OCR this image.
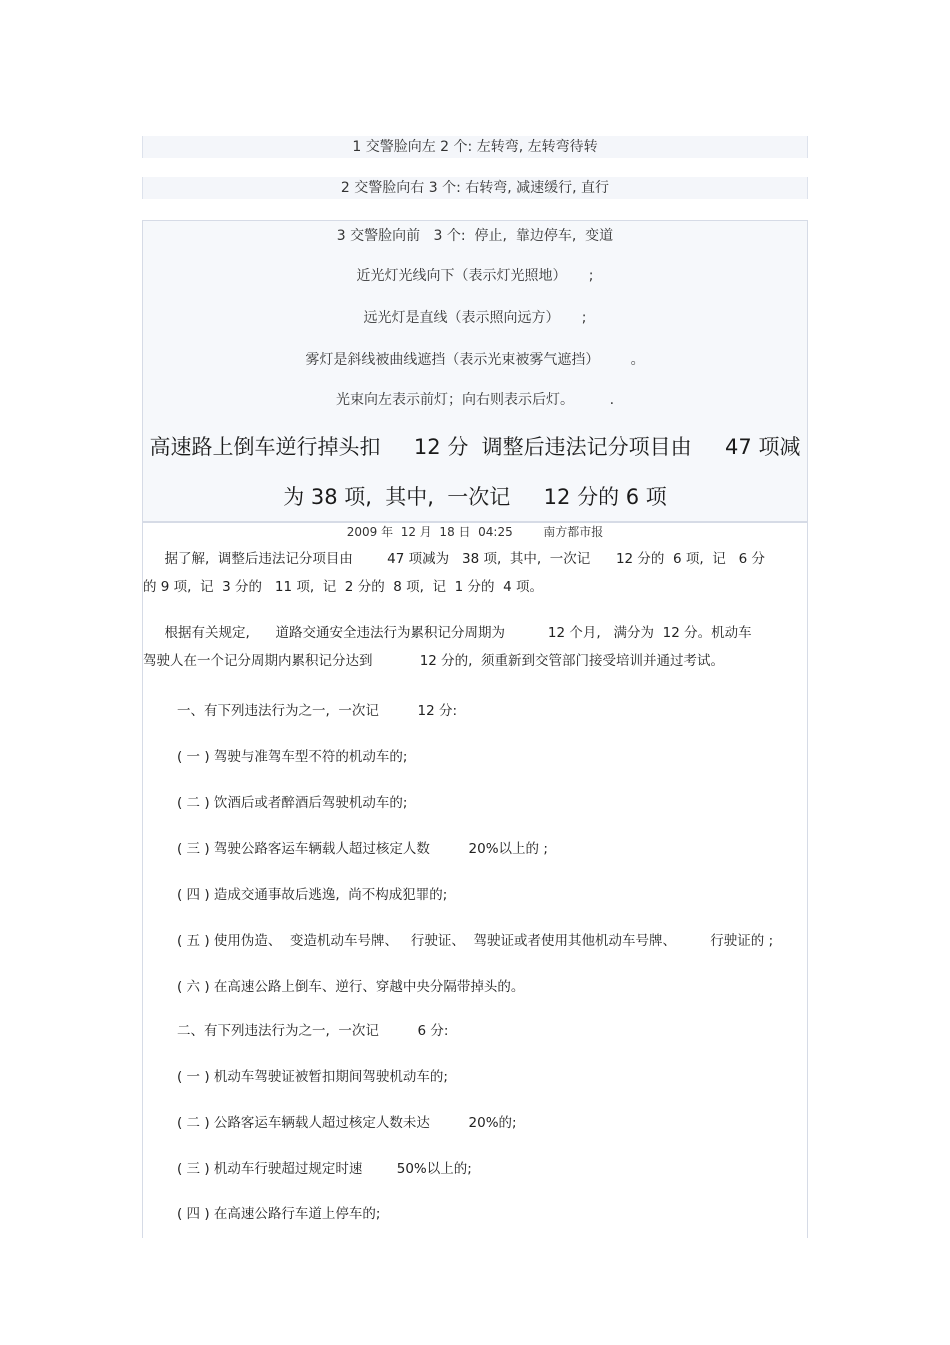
1 交警脸向左 2 个: 左转弯, 左转弯待转
2 交警脸向右 3 个: 右转弯, 减速缓行, 直行
3 交警脸向前   3 个:  停止,  靠边停车,  变道
近光灯光线向下（表示灯光照地）     ;
远光灯是直线（表示照向远方）     ;
雾灯是斜线被曲线遮挡（表示光束被雾气遮挡）       。
光束向左表示前灯；向右则表示后灯。        .
高速路上倒车逆行掉头扣     12 分  调整后违法记分项目由     47 项减
为 38 项,  其中,  一次记     12 分的 6 项
2009 年  12 月  18 日  04:25        南方都市报
据了解,  调整后违法记分项目由        47 项减为   38 项,  其中,  一次记      12 分的  6 项,  记   6 分
的 9 项,  记  3 分的   11 项,  记  2 分的  8 项,  记  1 分的  4 项。
根据有关规定,      道路交通安全违法行为累积记分周期为          12 个月,   满分为  12 分。机动车
驾驶人在一个记分周期内累积记分达到           12 分的,  须重新到交管部门接受培训并通过考试。
一、有下列违法行为之一,  一次记         12 分:
( 一 ) 驾驶与准驾车型不符的机动车的;
( 二 ) 饮酒后或者醉酒后驾驶机动车的;
( 三 ) 驾驶公路客运车辆载人超过核定人数         20%以上的 ;
( 四 ) 造成交通事故后逃逸,  尚不构成犯罪的;
( 五 ) 使用伪造、  变造机动车号牌、   行驶证、  驾驶证或者使用其他机动车号牌、        行驶证的 ;
( 六 ) 在高速公路上倒车、逆行、穿越中央分隔带掉头的。
二、有下列违法行为之一,  一次记         6 分:
( 一 ) 机动车驾驶证被暂扣期间驾驶机动车的;
( 二 ) 公路客运车辆载人超过核定人数未达         20%的;
( 三 ) 机动车行驶超过规定时速        50%以上的;
( 四 ) 在高速公路行车道上停车的;
